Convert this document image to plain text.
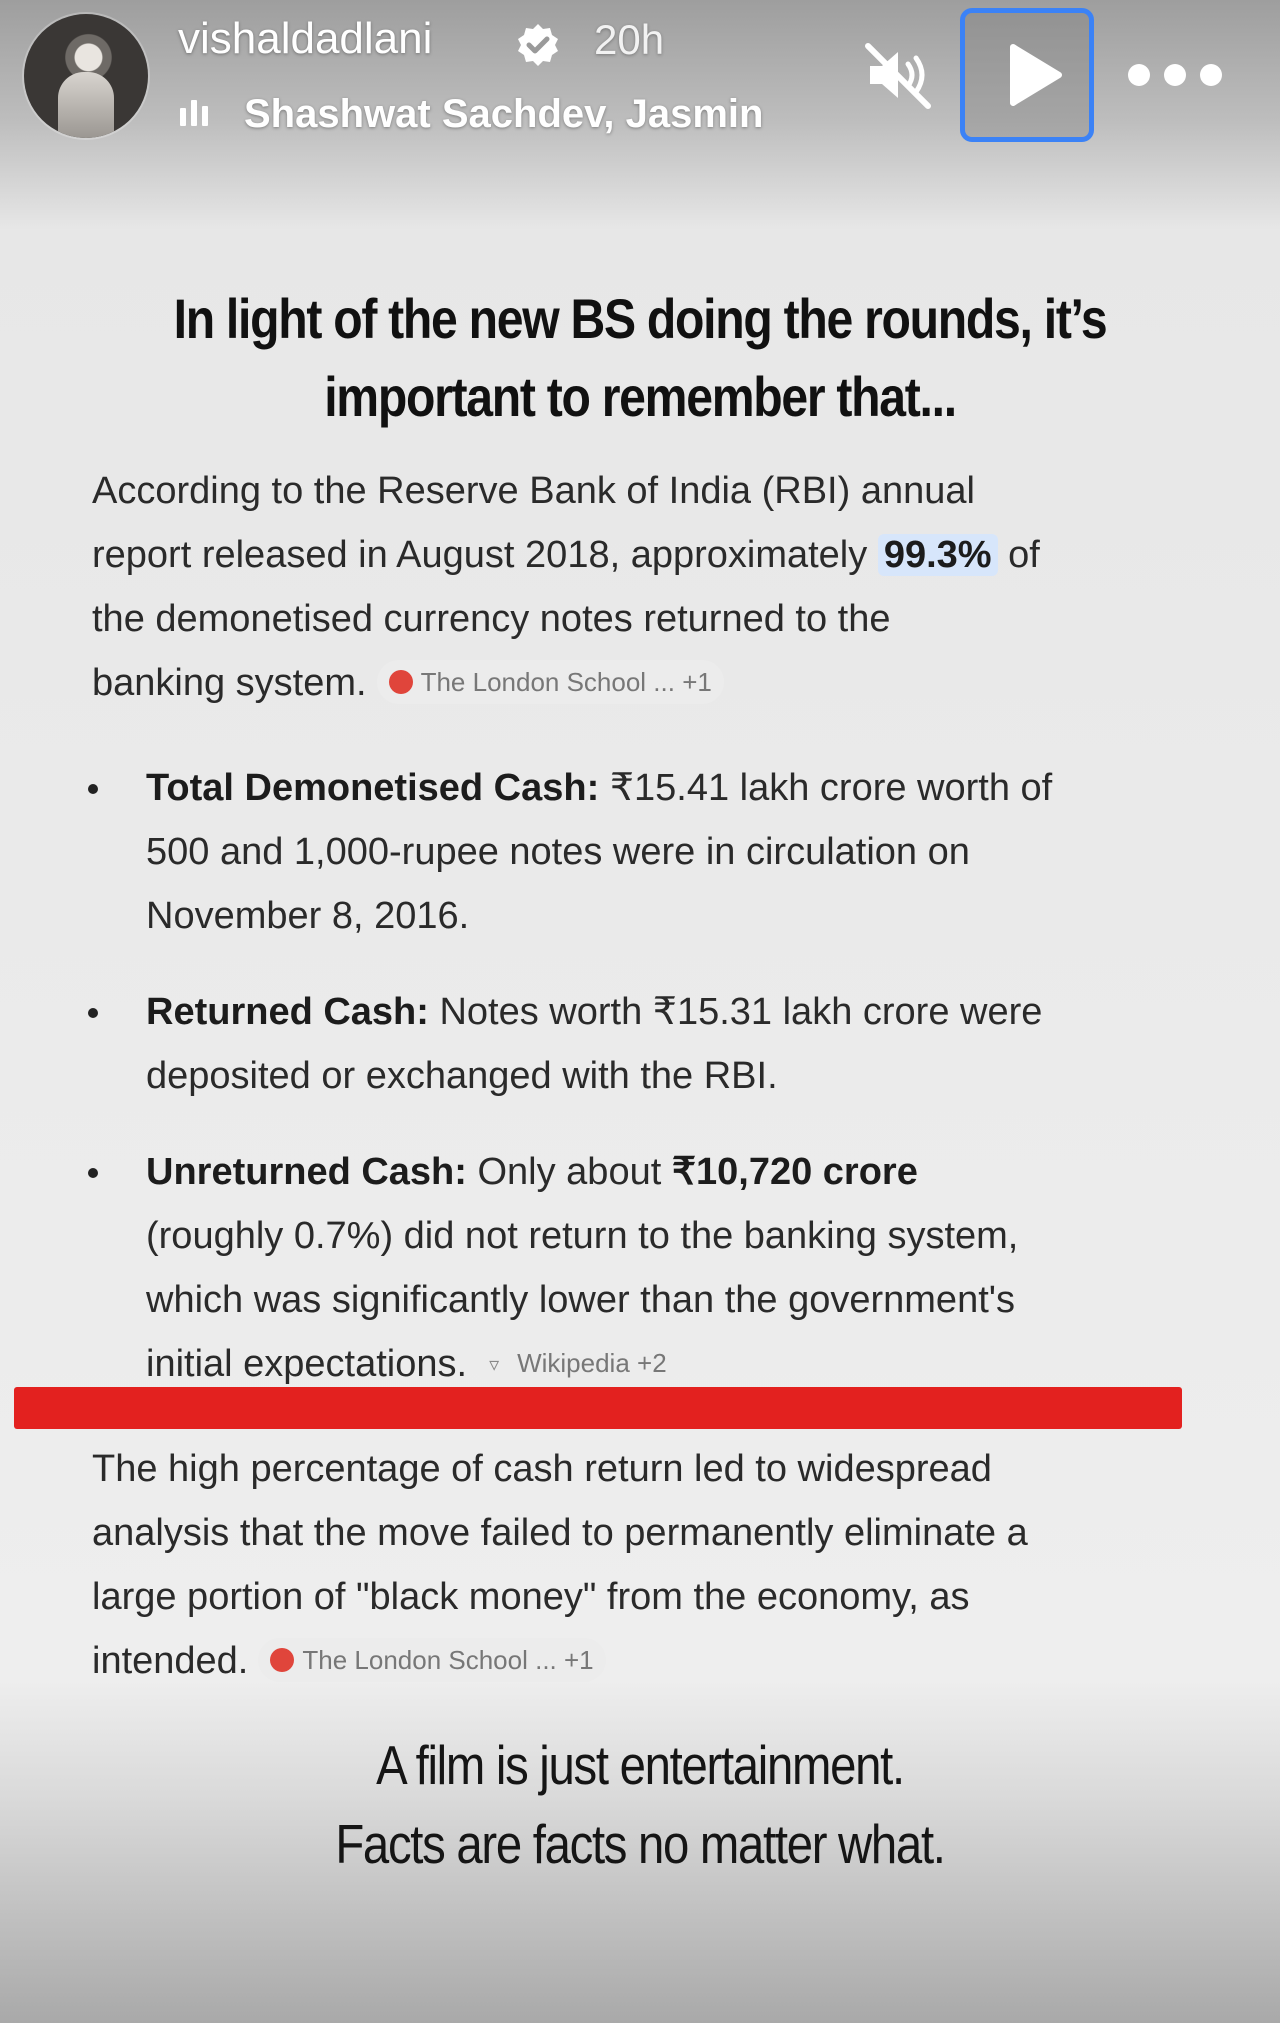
vishaldadlani	20h
Shashwat Sachdev, Jasmin
In light of the new BS doing the rounds, it’s
important to remember that...
According to the Reserve Bank of India (RBI) annual
report released in August 2018, approximately 99.3% of
the demonetised currency notes returned to the
banking system. The London School ... +1
Total Demonetised Cash: ₹15.41 lakh crore worth of
500 and 1,000-rupee notes were in circulation on
November 8, 2016.
Returned Cash: Notes worth ₹15.31 lakh crore were
deposited or exchanged with the RBI.
Unreturned Cash: Only about ₹10,720 crore
(roughly 0.7%) did not return to the banking system,
which was significantly lower than the government's
initial expectations. ▿ Wikipedia +2
The high percentage of cash return led to widespread
analysis that the move failed to permanently eliminate a
large portion of "black money" from the economy, as
intended. The London School ... +1
A film is just entertainment.
Facts are facts no matter what.
